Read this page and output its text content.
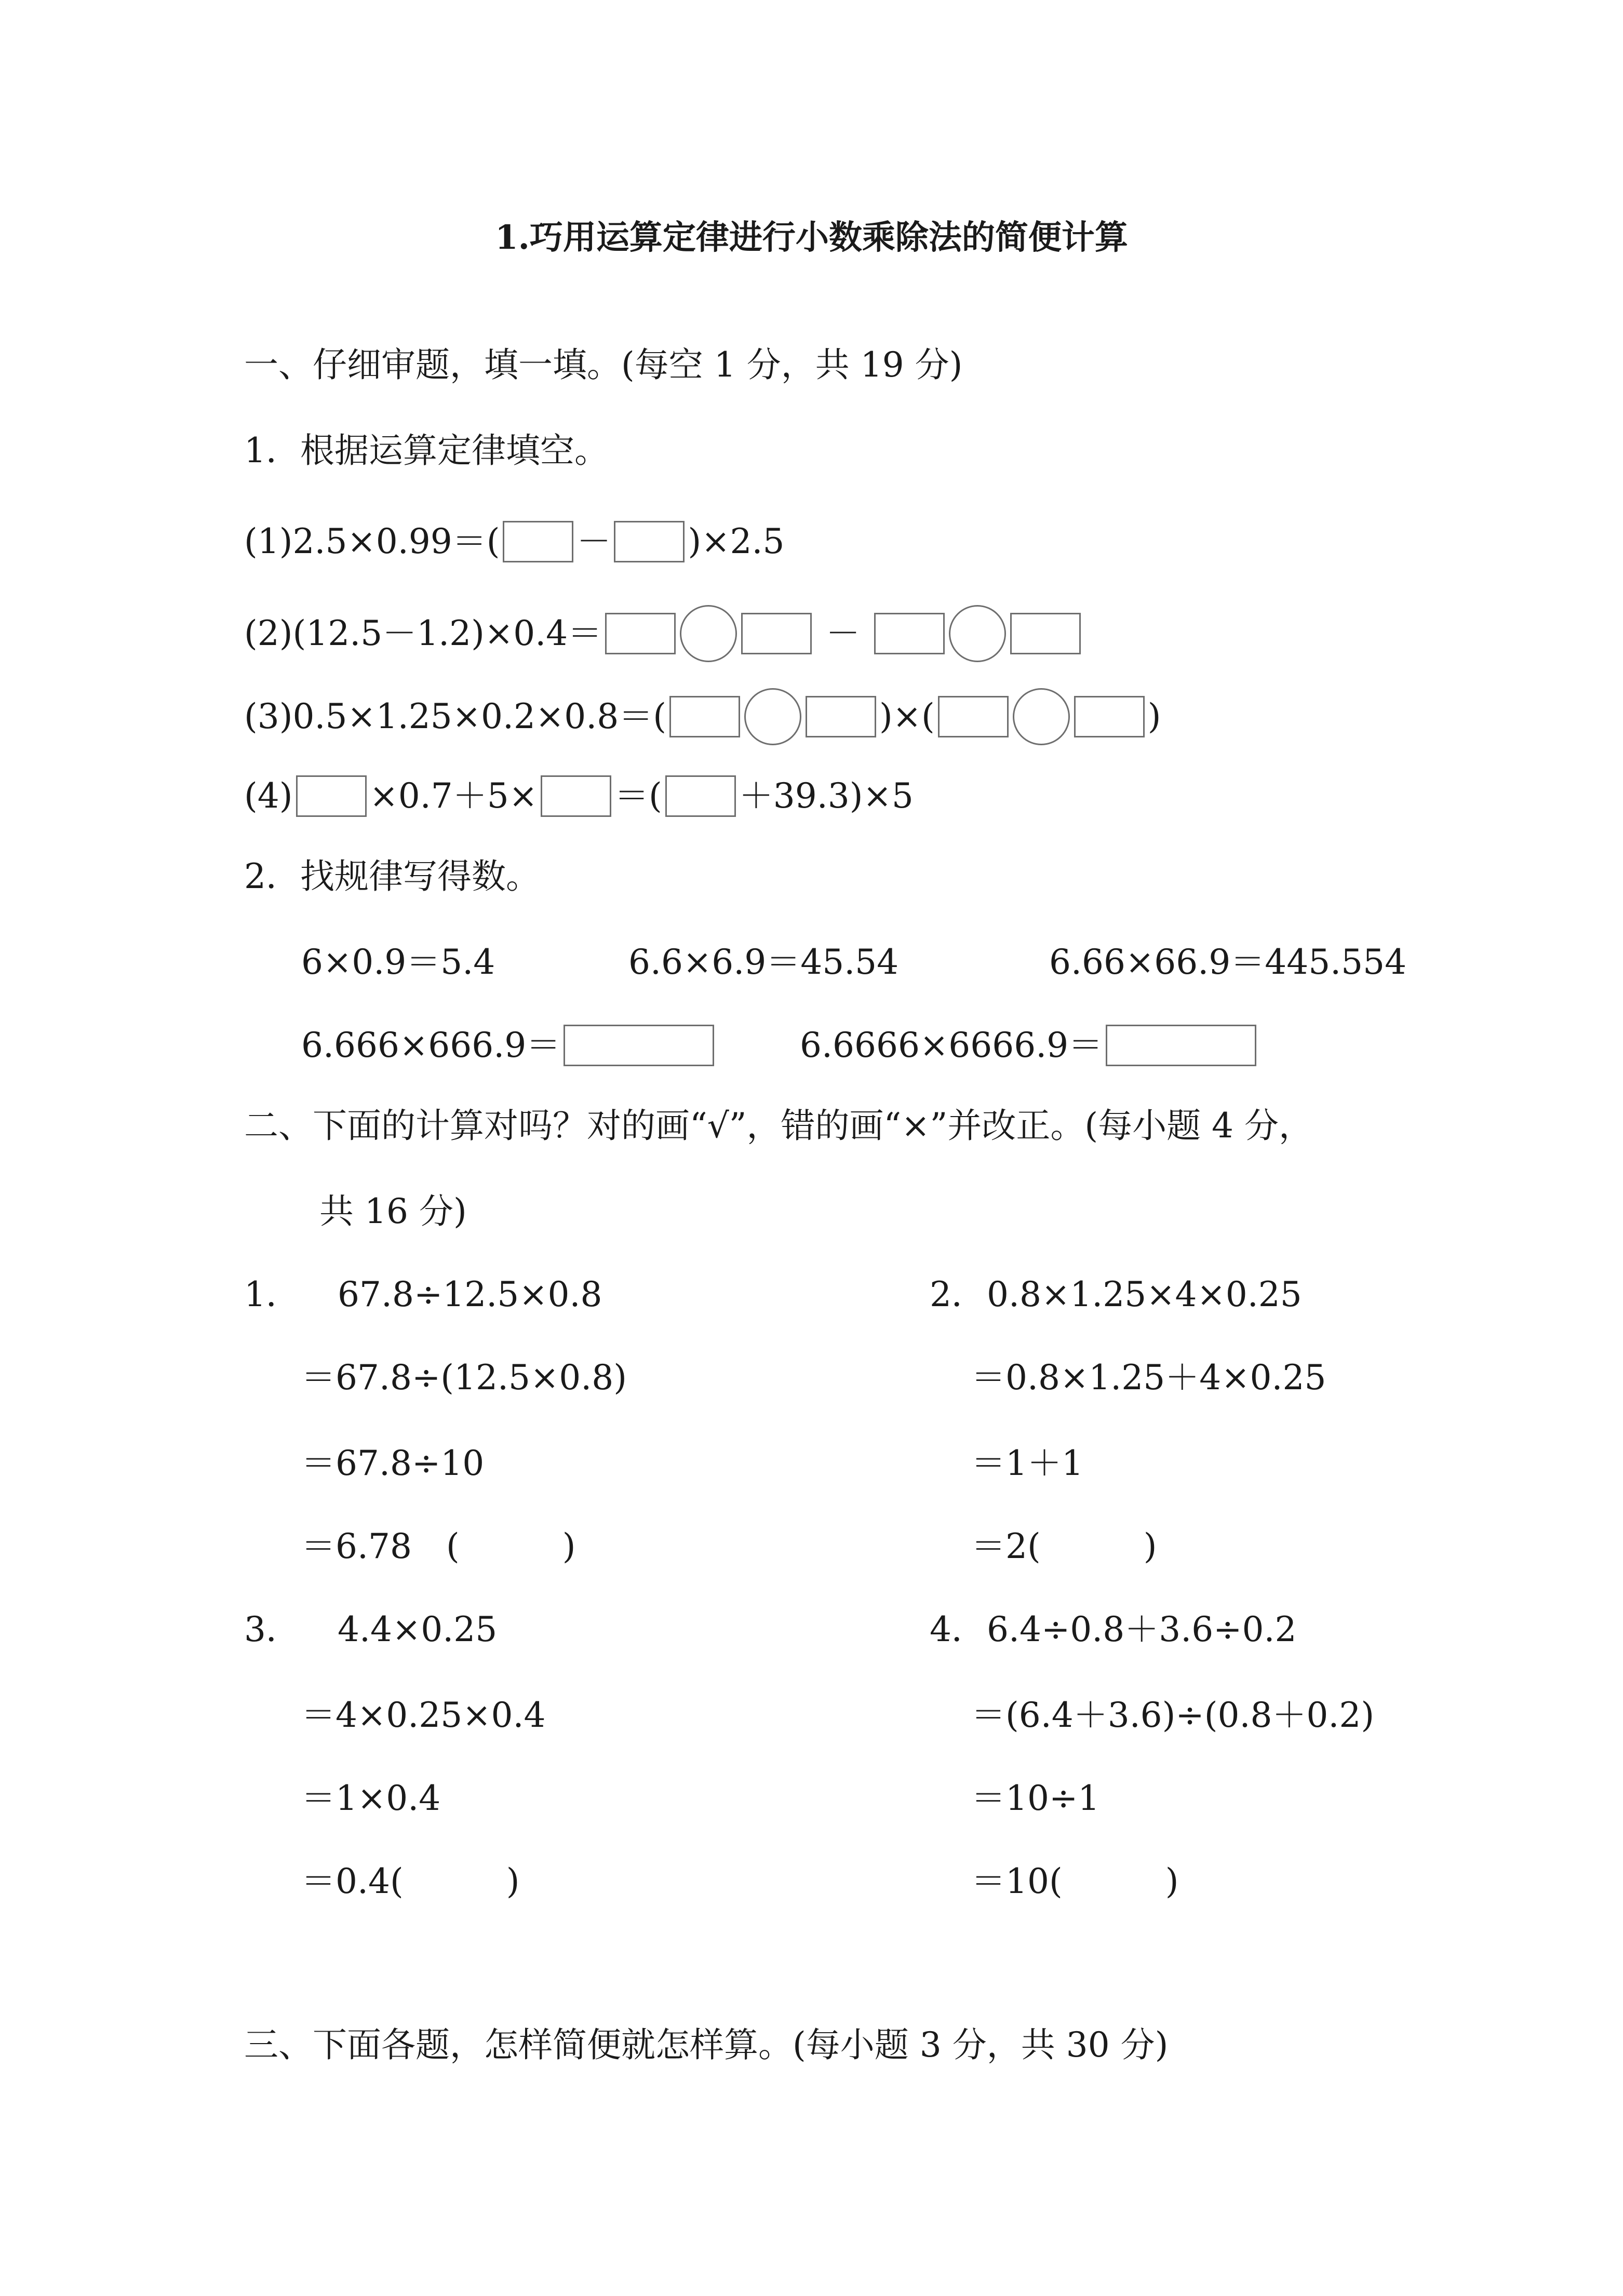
1.巧用运算定律进行小数乘除法的简便计算
一、仔细审题，填一填。(每空 1 分，共 19 分)
1．根据运算定律填空。
(1)2.5×0.99＝( － )×2.5
(2)(12.5－1.2)×0.4＝	－
(3)0.5×1.25×0.2×0.8＝(	)×(	)
(4) ×0.7＋5× ＝( ＋39.3)×5
2．找规律写得数。
6×0.9＝5.4	6.6×6.9＝45.54	6.66×66.9＝445.554
6.666×666.9＝	6.6666×6666.9＝
二、下面的计算对吗？对的画“√”，错的画“×”并改正。(每小题 4 分，
共 16 分)
1． 67.8÷12.5×0.8
＝67.8÷(12.5×0.8)
＝67.8÷10
＝6.78　(　　　)
2． 0.8×1.25×4×0.25
＝0.8×1.25＋4×0.25
＝1＋1
＝2(　　　)
3． 4.4×0.25
＝4×0.25×0.4
＝1×0.4
＝0.4(　　　)
4． 6.4÷0.8＋3.6÷0.2
＝(6.4＋3.6)÷(0.8＋0.2)
＝10÷1
＝10(　　　)
三、下面各题，怎样简便就怎样算。(每小题 3 分，共 30 分)
